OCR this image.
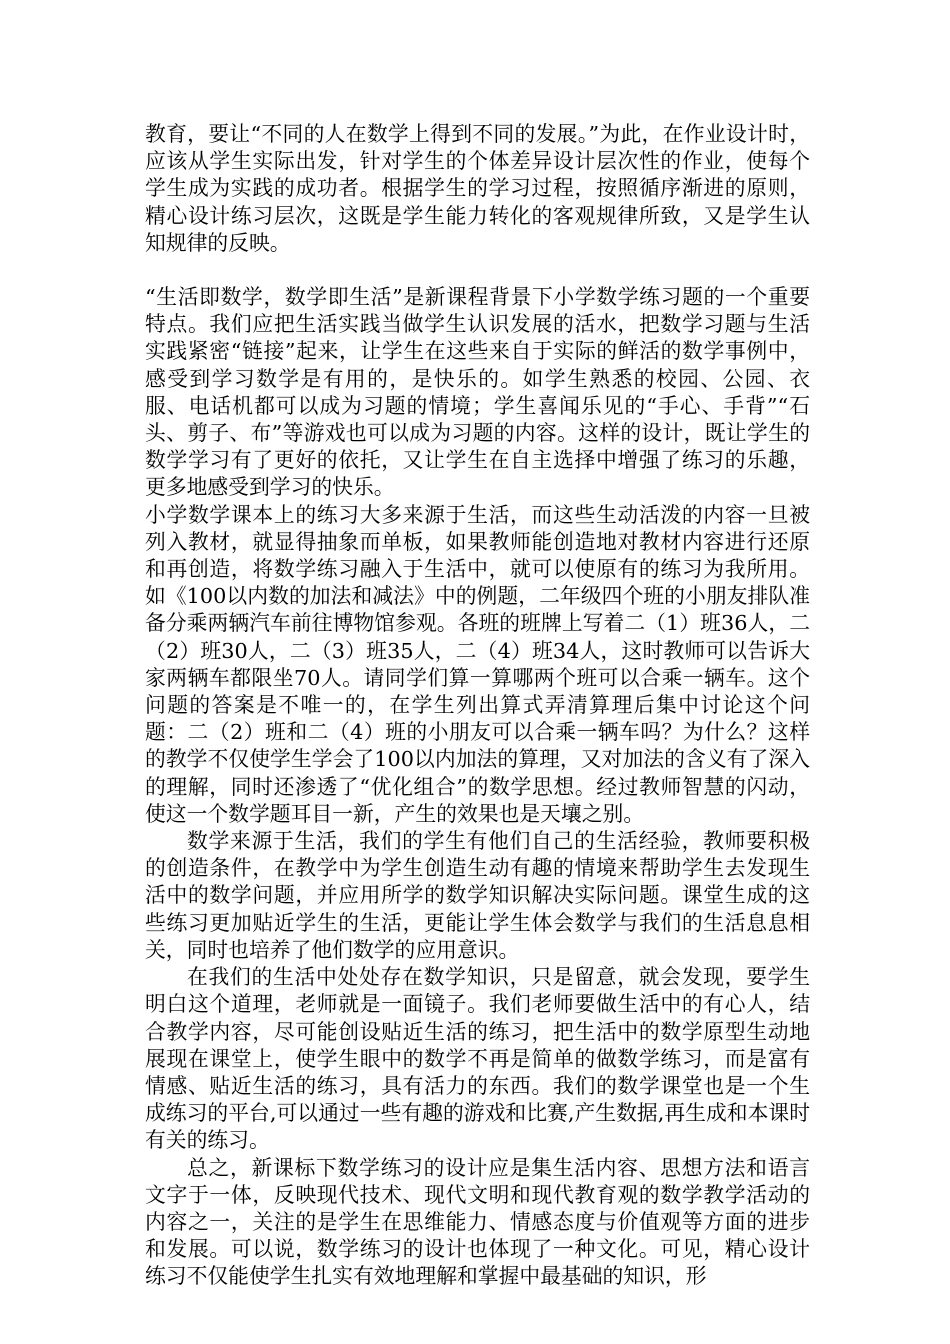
教育，要让“不同的人在数学上得到不同的发展。”为此，在作业设计时，应该从学生实际出发，针对学生的个体差异设计层次性的作业，使每个学生成为实践的成功者。根据学生的学习过程，按照循序渐进的原则，精心设计练习层次，这既是学生能力转化的客观规律所致，又是学生认知规律的反映。

“生活即数学，数学即生活”是新课程背景下小学数学练习题的一个重要特点。我们应把生活实践当做学生认识发展的活水，把数学习题与生活实践紧密“链接”起来，让学生在这些来自于实际的鲜活的数学事例中，感受到学习数学是有用的，是快乐的。如学生熟悉的校园、公园、衣服、电话机都可以成为习题的情境；学生喜闻乐见的“手心、手背”“石头、剪子、布”等游戏也可以成为习题的内容。这样的设计，既让学生的数学学习有了更好的依托，又让学生在自主选择中增强了练习的乐趣，更多地感受到学习的快乐。

小学数学课本上的练习大多来源于生活，而这些生动活泼的内容一旦被列入教材，就显得抽象而单板，如果教师能创造地对教材内容进行还原和再创造，将数学练习融入于生活中，就可以使原有的练习为我所用。如《100以内数的加法和减法》中的例题，二年级四个班的小朋友排队准备分乘两辆汽车前往博物馆参观。各班的班牌上写着二（1）班36人，二（2）班30人，二（3）班35人，二（4）班34人，这时教师可以告诉大家两辆车都限坐70人。请同学们算一算哪两个班可以合乘一辆车。这个问题的答案是不唯一的，在学生列出算式弄清算理后集中讨论这个问题：二（2）班和二（4）班的小朋友可以合乘一辆车吗？为什么？这样的教学不仅使学生学会了100以内加法的算理，又对加法的含义有了深入的理解，同时还渗透了“优化组合”的数学思想。经过教师智慧的闪动，使这一个数学题耳目一新，产生的效果也是天壤之别。

数学来源于生活，我们的学生有他们自己的生活经验，教师要积极的创造条件，在教学中为学生创造生动有趣的情境来帮助学生去发现生活中的数学问题，并应用所学的数学知识解决实际问题。课堂生成的这些练习更加贴近学生的生活，更能让学生体会数学与我们的生活息息相关，同时也培养了他们数学的应用意识。

在我们的生活中处处存在数学知识，只是留意，就会发现，要学生明白这个道理，老师就是一面镜子。我们老师要做生活中的有心人，结合教学内容，尽可能创设贴近生活的练习，把生活中的数学原型生动地展现在课堂上，使学生眼中的数学不再是简单的做数学练习，而是富有情感、贴近生活的练习，具有活力的东西。我们的数学课堂也是一个生成练习的平台,可以通过一些有趣的游戏和比赛,产生数据,再生成和本课时有关的练习。

总之，新课标下数学练习的设计应是集生活内容、思想方法和语言文字于一体，反映现代技术、现代文明和现代教育观的数学教学活动的内容之一，关注的是学生在思维能力、情感态度与价值观等方面的进步和发展。可以说，数学练习的设计也体现了一种文化。可见，精心设计练习不仅能使学生扎实有效地理解和掌握中最基础的知识，形
